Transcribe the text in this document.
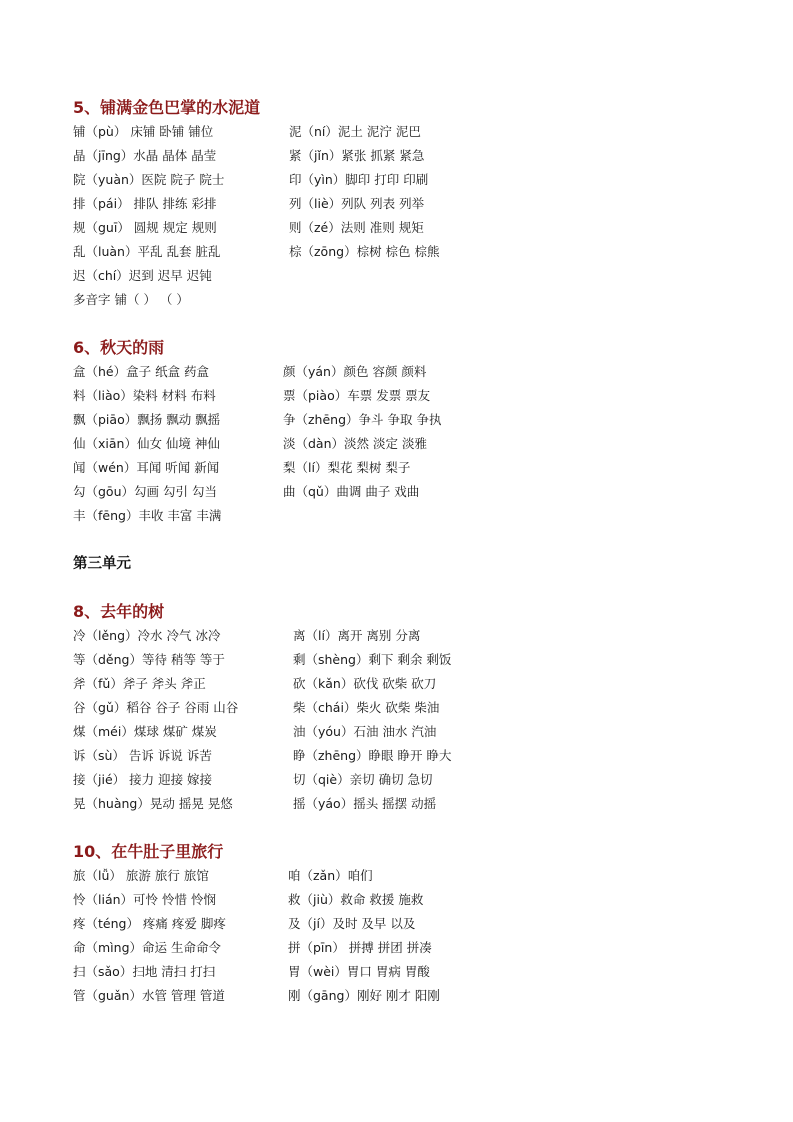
5、铺满金色巴掌的水泥道
铺（pù） 床铺 卧铺 铺位	泥（ní）泥土 泥泞 泥巴
晶（jīng）水晶 晶体 晶莹	紧（jǐn）紧张 抓紧 紧急
院（yuàn）医院 院子 院士	印（yìn）脚印 打印 印刷
排（pái） 排队 排练 彩排	列（liè）列队 列表 列举
规（guī） 圆规 规定 规则	则（zé）法则 准则 规矩
乱（luàn）平乱 乱套 脏乱	棕（zōng）棕树 棕色 棕熊
迟（chí）迟到 迟早 迟钝
多音字 铺（ ） （ ）
6、秋天的雨
盒（hé）盒子 纸盒 药盒	颜（yán）颜色 容颜 颜料
料（liào）染料 材料 布料	票（piào）车票 发票 票友
飘（piāo）飘扬 飘动 飘摇	争（zhēng）争斗 争取 争执
仙（xiān）仙女 仙境 神仙	淡（dàn）淡然 淡定 淡雅
闻（wén）耳闻 听闻 新闻	梨（lí）梨花 梨树 梨子
勾（gōu）勾画 勾引 勾当	曲（qǔ）曲调 曲子 戏曲
丰（fēng）丰收 丰富 丰满
第三单元
8、去年的树
冷（lěng）冷水 冷气 冰冷	离（lí）离开 离别 分离
等（děng）等待 稍等 等于	剩（shèng）剩下 剩余 剩饭
斧（fǔ）斧子 斧头 斧正	砍（kǎn）砍伐 砍柴 砍刀
谷（gǔ）稻谷 谷子 谷雨 山谷	柴（chái）柴火 砍柴 柴油
煤（méi）煤球 煤矿 煤炭	油（yóu）石油 油水 汽油
诉（sù） 告诉 诉说 诉苦	睁（zhēng）睁眼 睁开 睁大
接（jié） 接力 迎接 嫁接	切（qiè）亲切 确切 急切
晃（huàng）晃动 摇晃 晃悠	摇（yáo）摇头 摇摆 动摇
10、在牛肚子里旅行
旅（lǚ） 旅游 旅行 旅馆	咱（zǎn）咱们
怜（lián）可怜 怜惜 怜悯	救（jiù）救命 救援 施救
疼（téng） 疼痛 疼爱 脚疼	及（jí）及时 及早 以及
命（mìng）命运 生命命令	拼（pīn） 拼搏 拼团 拼凑
扫（sǎo）扫地 清扫 打扫	胃（wèi）胃口 胃病 胃酸
管（guǎn）水管 管理 管道	刚（gāng）刚好 刚才 阳刚
